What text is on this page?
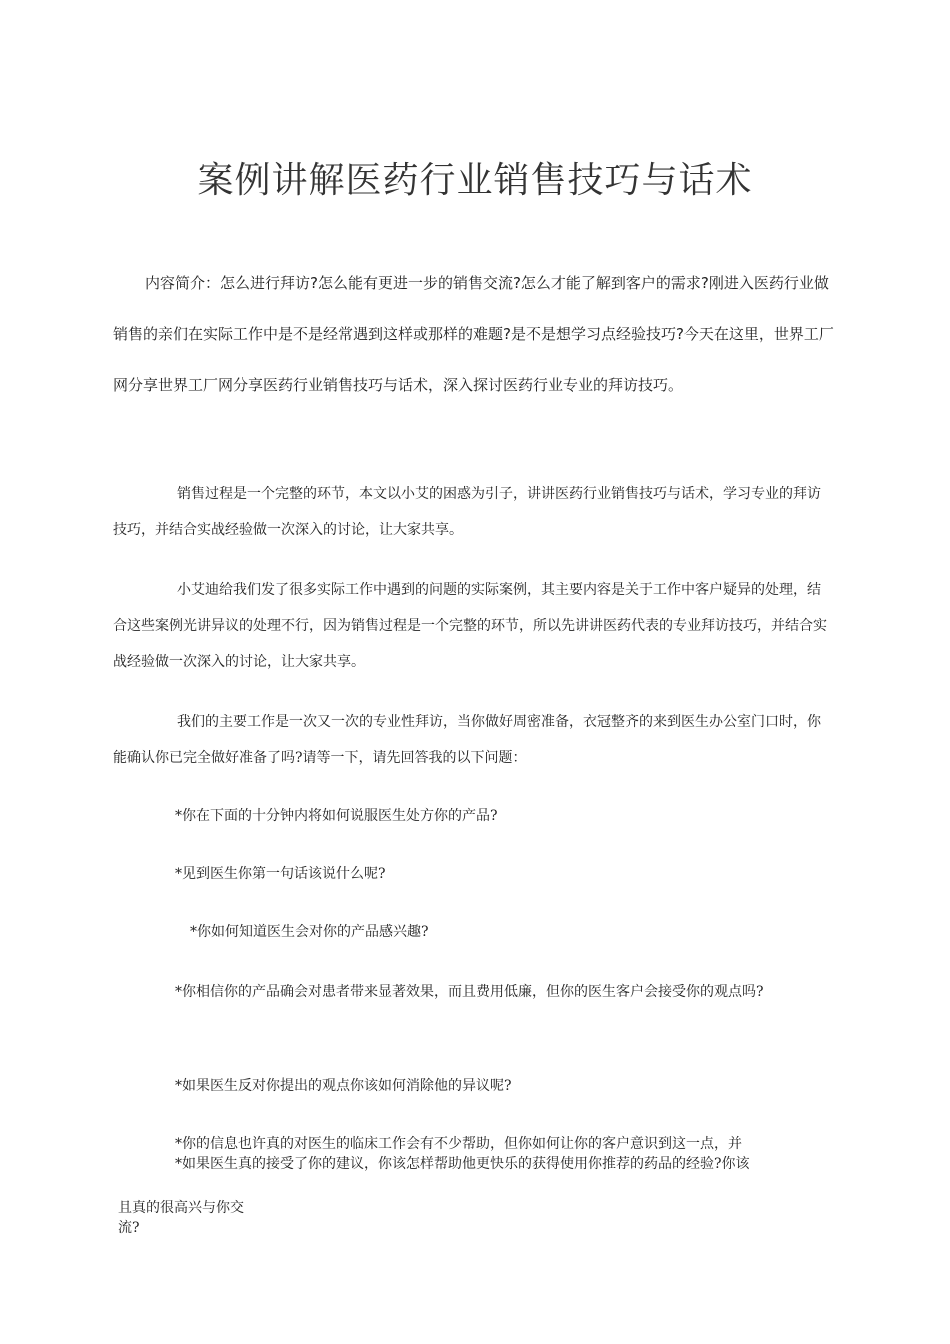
案例讲解医药行业销售技巧与话术

内容简介：怎么进行拜访?怎么能有更进一步的销售交流?怎么才能了解到客户的需求?刚进入医药行业做销售的亲们在实际工作中是不是经常遇到这样或那样的难题?是不是想学习点经验技巧?今天在这里，世界工厂网分享世界工厂网分享医药行业销售技巧与话术，深入探讨医药行业专业的拜访技巧。

销售过程是一个完整的环节，本文以小艾的困惑为引子，讲讲医药行业销售技巧与话术，学习专业的拜访技巧，并结合实战经验做一次深入的讨论，让大家共享。

小艾迪给我们发了很多实际工作中遇到的问题的实际案例，其主要内容是关于工作中客户疑异的处理，结合这些案例光讲异议的处理不行，因为销售过程是一个完整的环节，所以先讲讲医药代表的专业拜访技巧，并结合实战经验做一次深入的讨论，让大家共享。

我们的主要工作是一次又一次的专业性拜访，当你做好周密准备，衣冠整齐的来到医生办公室门口时，你能确认你已完全做好准备了吗?请等一下，请先回答我的以下问题：

*你在下面的十分钟内将如何说服医生处方你的产品?

*见到医生你第一句话该说什么呢?

*你如何知道医生会对你的产品感兴趣?

*你相信你的产品确会对患者带来显著效果，而且费用低廉，但你的医生客户会接受你的观点吗?

*如果医生反对你提出的观点你该如何消除他的异议呢?

*你的信息也许真的对医生的临床工作会有不少帮助，但你如何让你的客户意识到这一点，并

*如果医生真的接受了你的建议，你该怎样帮助他更快乐的获得使用你推荐的药品的经验?你该

且真的很高兴与你交

流?
